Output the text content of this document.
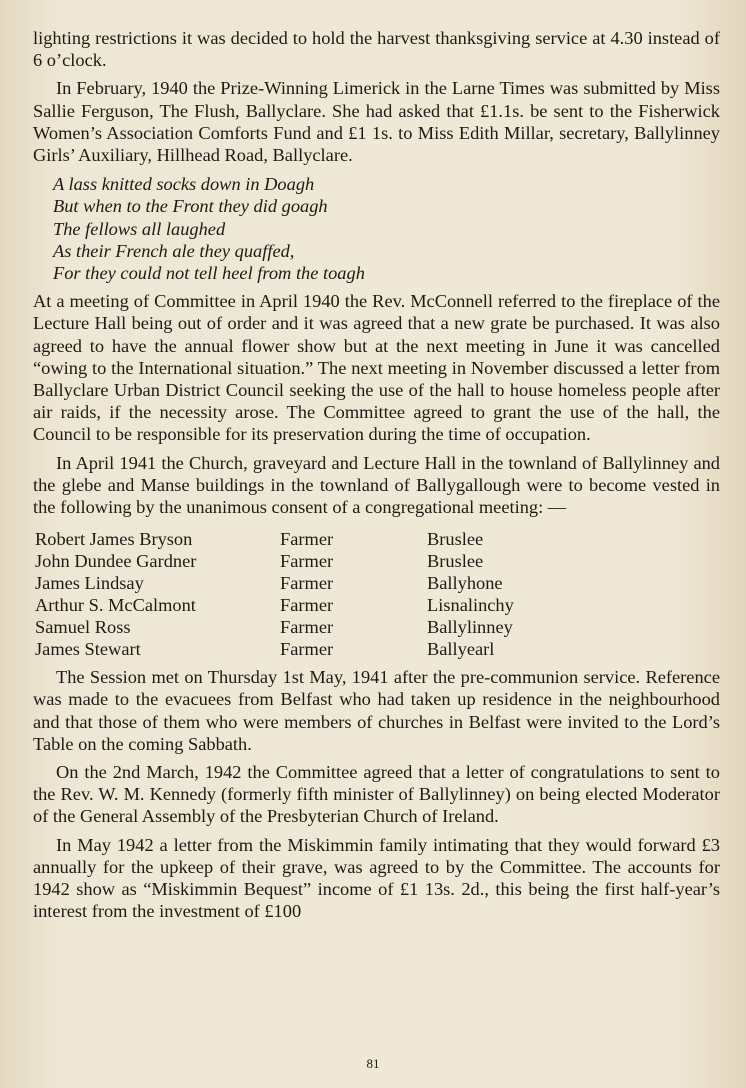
lighting restrictions it was decided to hold the harvest thanksgiving service at 4.30 instead of 6 o’clock.

In February, 1940 the Prize-Winning Limerick in the Larne Times was submitted by Miss Sallie Ferguson, The Flush, Ballyclare. She had asked that £1.1s. be sent to the Fisherwick Women’s Association Comforts Fund and £1 1s. to Miss Edith Millar, secretary, Ballylinney Girls’ Auxiliary, Hillhead Road, Ballyclare.

A lass knitted socks down in Doagh
But when to the Front they did goagh
The fellows all laughed
As their French ale they quaffed,
For they could not tell heel from the toagh

At a meeting of Committee in April 1940 the Rev. McConnell referred to the fireplace of the Lecture Hall being out of order and it was agreed that a new grate be purchased. It was also agreed to have the annual flower show but at the next meeting in June it was cancelled “owing to the International situation.” The next meeting in November discussed a letter from Ballyclare Urban District Council seeking the use of the hall to house homeless people after air raids, if the necessity arose. The Committee agreed to grant the use of the hall, the Council to be responsible for its preservation during the time of occupation.

In April 1941 the Church, graveyard and Lecture Hall in the townland of Ballylinney and the glebe and Manse buildings in the townland of Ballygallough were to become vested in the following by the unanimous consent of a congregational meeting: —

Robert James Bryson	Farmer	Bruslee
John Dundee Gardner	Farmer	Bruslee
James Lindsay	Farmer	Ballyhone
Arthur S. McCalmont	Farmer	Lisnalinchy
Samuel Ross	Farmer	Ballylinney
James Stewart	Farmer	Ballyearl

The Session met on Thursday 1st May, 1941 after the pre-communion service. Reference was made to the evacuees from Belfast who had taken up residence in the neighbourhood and that those of them who were members of churches in Belfast were invited to the Lord’s Table on the coming Sabbath.

On the 2nd March, 1942 the Committee agreed that a letter of congratulations to sent to the Rev. W. M. Kennedy (formerly fifth minister of Ballylinney) on being elected Moderator of the General Assembly of the Presbyterian Church of Ireland.

In May 1942 a letter from the Miskimmin family intimating that they would forward £3 annually for the upkeep of their grave, was agreed to by the Committee. The accounts for 1942 show as “Miskimmin Bequest” income of £1 13s. 2d., this being the first half-year’s interest from the investment of £100

81
